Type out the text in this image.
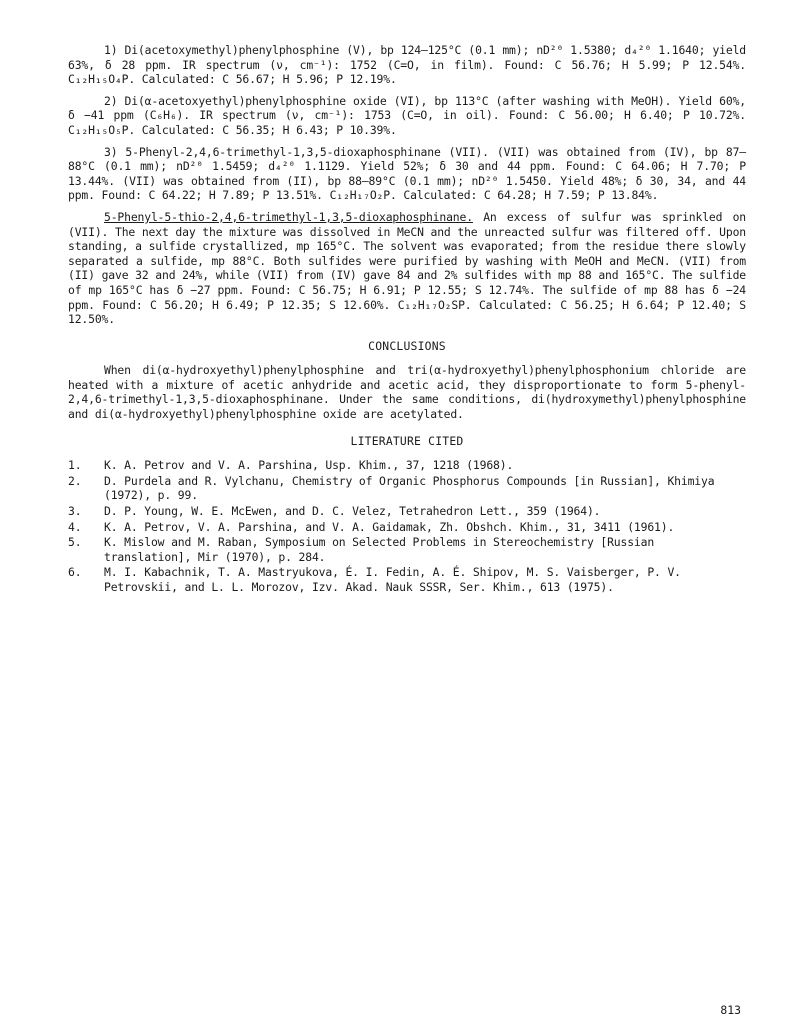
1) Di(acetoxymethyl)phenylphosphine (V), bp 124–125°C (0.1 mm); nD²⁰ 1.5380; d₄²⁰ 1.1640; yield 63%, δ 28 ppm. IR spectrum (ν, cm⁻¹): 1752 (C=O, in film). Found: C 56.76; H 5.99; P 12.54%. C₁₂H₁₅O₄P. Calculated: C 56.67; H 5.96; P 12.19%.

2) Di(α-acetoxyethyl)phenylphosphine oxide (VI), bp 113°C (after washing with MeOH). Yield 60%, δ −41 ppm (C₆H₆). IR spectrum (ν, cm⁻¹): 1753 (C=O, in oil). Found: C 56.00; H 6.40; P 10.72%. C₁₂H₁₅O₅P. Calculated: C 56.35; H 6.43; P 10.39%.

3) 5-Phenyl-2,4,6-trimethyl-1,3,5-dioxaphosphinane (VII). (VII) was obtained from (IV), bp 87–88°C (0.1 mm); nD²⁰ 1.5459; d₄²⁰ 1.1129. Yield 52%; δ 30 and 44 ppm. Found: C 64.06; H 7.70; P 13.44%. (VII) was obtained from (II), bp 88–89°C (0.1 mm); nD²⁰ 1.5450. Yield 48%; δ 30, 34, and 44 ppm. Found: C 64.22; H 7.89; P 13.51%. C₁₂H₁₇O₂P. Calculated: C 64.28; H 7.59; P 13.84%.

5-Phenyl-5-thio-2,4,6-trimethyl-1,3,5-dioxaphosphinane. An excess of sulfur was sprinkled on (VII). The next day the mixture was dissolved in MeCN and the unreacted sulfur was filtered off. Upon standing, a sulfide crystallized, mp 165°C. The solvent was evaporated; from the residue there slowly separated a sulfide, mp 88°C. Both sulfides were purified by washing with MeOH and MeCN. (VII) from (II) gave 32 and 24%, while (VII) from (IV) gave 84 and 2% sulfides with mp 88 and 165°C. The sulfide of mp 165°C has δ −27 ppm. Found: C 56.75; H 6.91; P 12.55; S 12.74%. The sulfide of mp 88 has δ −24 ppm. Found: C 56.20; H 6.49; P 12.35; S 12.60%. C₁₂H₁₇O₂SP. Calculated: C 56.25; H 6.64; P 12.40; S 12.50%.

CONCLUSIONS

When di(α-hydroxyethyl)phenylphosphine and tri(α-hydroxyethyl)phenylphosphonium chloride are heated with a mixture of acetic anhydride and acetic acid, they disproportionate to form 5-phenyl-2,4,6-trimethyl-1,3,5-dioxaphosphinane. Under the same conditions, di(hydroxymethyl)phenylphosphine and di(α-hydroxyethyl)phenylphosphine oxide are acetylated.

LITERATURE CITED
1.	K. A. Petrov and V. A. Parshina, Usp. Khim., 37, 1218 (1968).
2.	D. Purdela and R. Vylchanu, Chemistry of Organic Phosphorus Compounds [in Russian], Khimiya (1972), p. 99.
3.	D. P. Young, W. E. McEwen, and D. C. Velez, Tetrahedron Lett., 359 (1964).
4.	K. A. Petrov, V. A. Parshina, and V. A. Gaidamak, Zh. Obshch. Khim., 31, 3411 (1961).
5.	K. Mislow and M. Raban, Symposium on Selected Problems in Stereochemistry [Russian translation], Mir (1970), p. 284.
6.	M. I. Kabachnik, T. A. Mastryukova, É. I. Fedin, A. É. Shipov, M. S. Vaisberger, P. V. Petrovskii, and L. L. Morozov, Izv. Akad. Nauk SSSR, Ser. Khim., 613 (1975).
813
